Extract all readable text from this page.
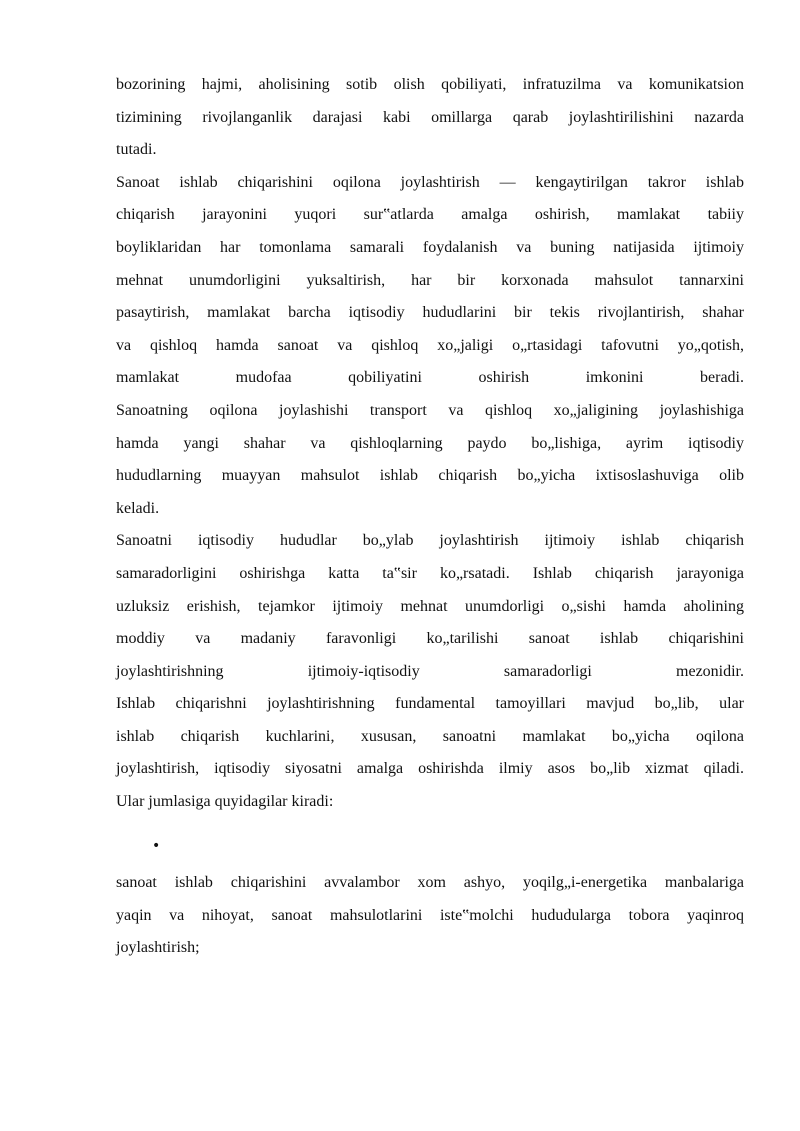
bozorining hajmi, aholisining sotib olish qobiliyati, infratuzilma va komunikatsion
tizimining rivojlanganlik darajasi kabi omillarga qarab joylashtirilishini nazarda
tutadi.
Sanoat ishlab chiqarishini oqilona joylashtirish — kengaytirilgan takror ishlab
chiqarish jarayonini yuqori sur‟atlarda amalga oshirish, mamlakat tabiiy
boyliklaridan har tomonlama samarali foydalanish va buning natijasida ijtimoiy
mehnat unumdorligini yuksaltirish, har bir korxonada mahsulot tannarxini
pasaytirish, mamlakat barcha iqtisodiy hududlarini bir tekis rivojlantirish, shahar
va qishloq hamda sanoat va qishloq xo„jaligi o„rtasidagi tafovutni yo„qotish,
mamlakat mudofaa qobiliyatini oshirish imkonini beradi.
Sanoatning oqilona joylashishi transport va qishloq xo„jaligining joylashishiga
hamda yangi shahar va qishloqlarning paydo bo„lishiga, ayrim iqtisodiy
hududlarning muayyan mahsulot ishlab chiqarish bo„yicha ixtisoslashuviga olib
keladi.
Sanoatni iqtisodiy hududlar bo„ylab joylashtirish ijtimoiy ishlab chiqarish
samaradorligini oshirishga katta ta‟sir ko„rsatadi. Ishlab chiqarish jarayoniga
uzluksiz erishish, tejamkor ijtimoiy mehnat unumdorligi o„sishi hamda aholining
moddiy va madaniy faravonligi ko„tarilishi sanoat ishlab chiqarishini
joylashtirishning ijtimoiy-iqtisodiy samaradorligi mezonidir.
Ishlab chiqarishni joylashtirishning fundamental tamoyillari mavjud bo„lib, ular
ishlab chiqarish kuchlarini, xususan, sanoatni mamlakat bo„yicha oqilona
joylashtirish, iqtisodiy siyosatni amalga oshirishda ilmiy asos bo„lib xizmat qiladi.
Ular jumlasiga quyidagilar kiradi:
•
sanoat ishlab chiqarishini avvalambor xom ashyo, yoqilg„i-energetika manbalariga
yaqin va nihoyat, sanoat mahsulotlarini iste‟molchi hududularga tobora yaqinroq
joylashtirish;
